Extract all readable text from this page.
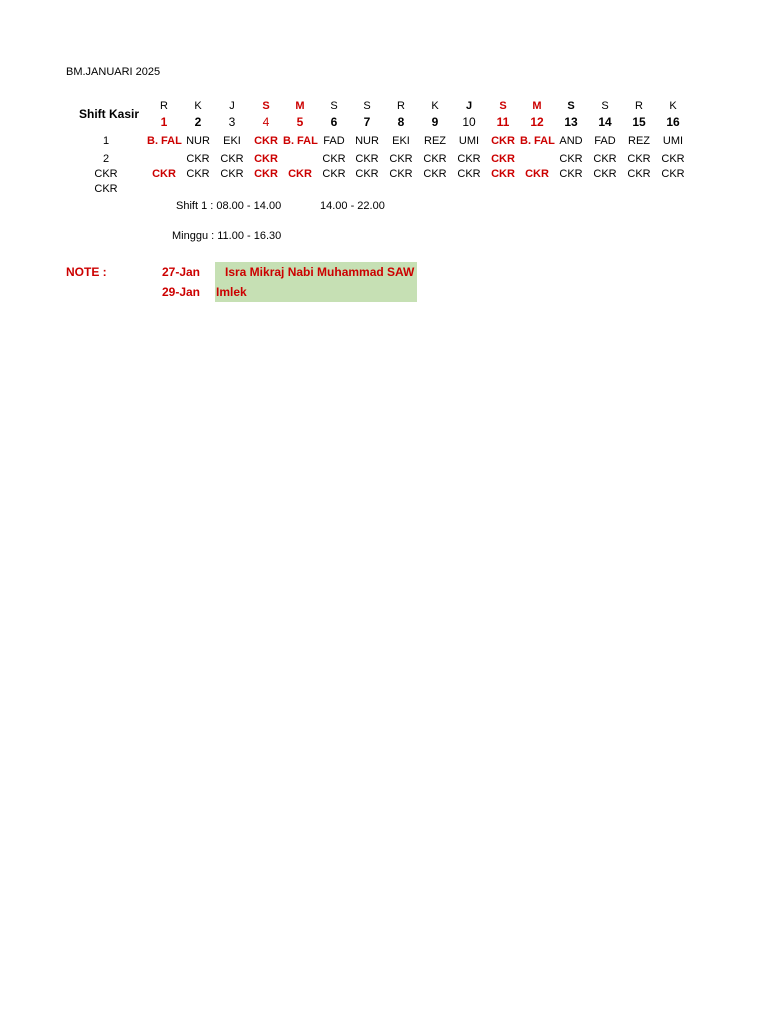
BM.JANUARI 2025
Shift Kasir
R
1
B. FAL
CKR
K
2
NUR
CKR
CKR
J
3
EKI
CKR
CKR
S
4
CKR
CKR
CKR
M
5
B. FAL
CKR
S
6
FAD
CKR
CKR
S
7
NUR
CKR
CKR
R
8
EKI
CKR
CKR
K
9
REZ
CKR
CKR
J
10
UMI
CKR
CKR
S
11
CKR
CKR
CKR
M
12
B. FAL
CKR
S
13
AND
CKR
CKR
S
14
FAD
CKR
CKR
R
15
REZ
CKR
CKR
K
16
UMI
CKR
CKR
1
2
CKR
CKR
Shift 1 : 08.00 - 14.00	14.00 - 22.00
Minggu : 11.00 - 16.30
NOTE :	27-Jan Isra Mikraj Nabi Muhammad SAW
29-Jan Imlek
